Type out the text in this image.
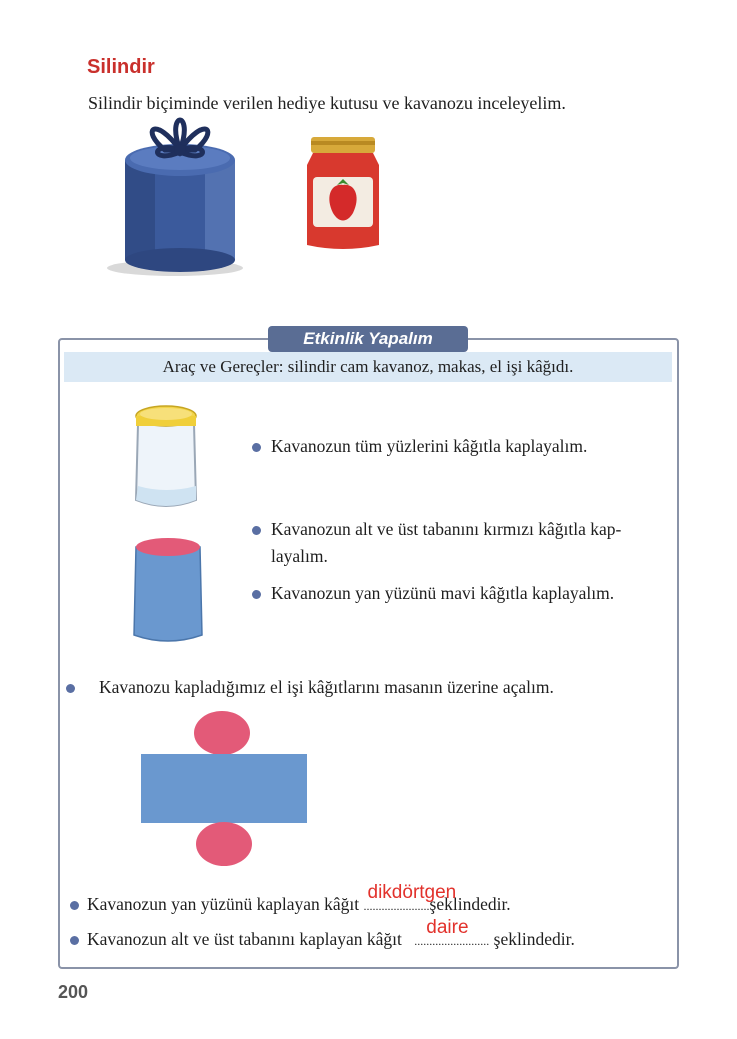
Silindir
Silindir biçiminde verilen hediye kutusu ve kavanozu inceleyelim.
Etkinlik Yapalım
Araç ve Gereçler: silindir cam kavanoz, makas, el işi kâğıdı.
Kavanozun tüm yüzlerini kâğıtla kaplayalım.
Kavanozun alt ve üst tabanını kırmızı kâğıtla kap-
layalım.
Kavanozun yan yüzünü mavi kâğıtla kaplayalım.
Kavanozu kapladığımız el işi kâğıtlarını masanın üzerine açalım.
Kavanozun yan yüzünü kaplayan kâğıt ......................
dikdörtgen
şeklindedir.
Kavanozun alt ve üst tabanını kaplayan kâğıt .........................
daire
şeklindedir.
200
